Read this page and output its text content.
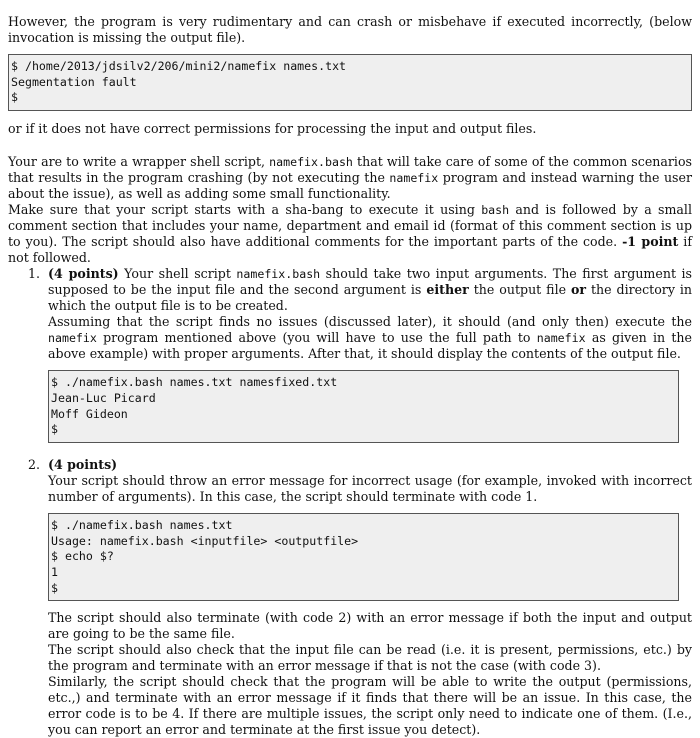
However, the program is very rudimentary and can crash or misbehave if executed incorrectly, (below invocation is missing the output file).

$ /home/2013/jdsilv2/206/mini2/namefix names.txt
Segmentation fault
$

or if it does not have correct permissions for processing the input and output files.

Your are to write a wrapper shell script, namefix.bash that will take care of some of the common scenarios that results in the program crashing (by not executing the namefix program and instead warning the user about the issue), as well as adding some small functionality.

Make sure that your script starts with a sha-bang to execute it using bash and is followed by a small comment section that includes your name, department and email id (format of this comment section is up to you). The script should also have additional comments for the important parts of the code. -1 point if not followed.

1. (4 points) Your shell script namefix.bash should take two input arguments. The first argument is supposed to be the input file and the second argument is either the output file or the directory in which the output file is to be created.

Assuming that the script finds no issues (discussed later), it should (and only then) execute the namefix program mentioned above (you will have to use the full path to namefix as given in the above example) with proper arguments. After that, it should display the contents of the output file.

$ ./namefix.bash names.txt namesfixed.txt
Jean-Luc Picard
Moff Gideon
$
2. (4 points)

Your script should throw an error message for incorrect usage (for example, invoked with incorrect number of arguments). In this case, the script should terminate with code 1.

$ ./namefix.bash names.txt
Usage: namefix.bash <inputfile> <outputfile>
$ echo $?
1
$

The script should also terminate (with code 2) with an error message if both the input and output are going to be the same file.

The script should also check that the input file can be read (i.e. it is present, permissions, etc.) by the program and terminate with an error message if that is not the case (with code 3).

Similarly, the script should check that the program will be able to write the output (permissions, etc.,) and terminate with an error message if it finds that there will be an issue. In this case, the error code is to be 4. If there are multiple issues, the script only need to indicate one of them. (I.e., you can report an error and terminate at the first issue you detect).
